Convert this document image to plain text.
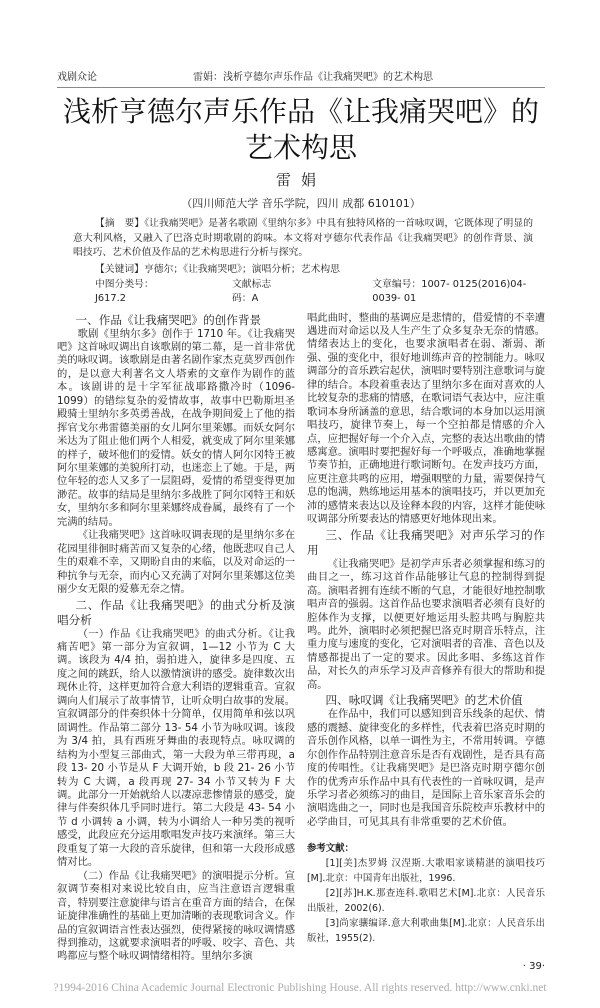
戏剧众论	雷娟：浅析亨德尔声乐作品《让我痛哭吧》的艺术构思
浅析亨德尔声乐作品《让我痛哭吧》的艺术构思
雷娟
（四川师范大学 音乐学院，四川 成都 610101）
【摘　要】《让我痛哭吧》是著名歌剧《里纳尔多》中具有独特风格的一首咏叹调，它既体现了明显的意大利风格，又融入了巴洛克时期歌剧的韵味。本文将对亨德尔代表作品《让我痛哭吧》的创作背景、演唱技巧、艺术价值及作品的艺术构思进行分析与探究。
【关键词】亨德尔；《让我痛哭吧》；演唱分析；艺术构思
中图分类号：J617.2
文献标志码：A
文章编号：1007- 0125(2016)04- 0039- 01
一、作品《让我痛哭吧》的创作背景

歌剧《里纳尔多》创作于 1710 年。《让我痛哭吧》这首咏叹调出自该歌剧的第二幕，是一首非常优美的咏叹调。该歌剧是由著名剧作家杰克莫罗西创作的，是以意大利著名文人塔索的文章作为剧作的蓝本。该剧讲的是十字军征战耶路撒冷时（1096- 1099）的错综复杂的爱情故事，故事中巴勒斯坦圣殿骑士里纳尔多英勇善战，在战争期间爱上了他的指挥官戈尔弗雷德美丽的女儿阿尔里莱娜。而妖女阿尔米达为了阻止他们两个人相爱，就变成了阿尔里莱娜的样子，破坏他们的爱情。妖女的情人阿尔冈特王被阿尔里莱娜的美貌所打动，也迷恋上了她。于是，两位年轻的恋人又多了一层阻碍，爱情的希望变得更加渺茫。故事的结局是里纳尔多战胜了阿尔冈特王和妖女，里纳尔多和阿尔里莱娜终成眷属，最终有了一个完满的结局。

《让我痛哭吧》这首咏叹调表现的是里纳尔多在花园里徘徊时痛苦而又复杂的心绪，他既悲叹自己人生的艰难不幸，又期盼自由的来临，以及对命运的一种抗争与无奈，而内心又充满了对阿尔里莱娜这位美丽少女无限的爱慕无奈之情。

二、作品《让我痛哭吧》的曲式分析及演唱分析

（一）作品《让我痛哭吧》的曲式分析。《让我痛苦吧》第一部分为宣叙调，1—12 小节为 C 大调。该段为 4/4 拍，弱拍进入，旋律多是四度、五度之间的跳跃，给人以激情演讲的感受。旋律数次出现休止符，这样更加符合意大利语的逻辑重音。宣叙调向人们展示了故事情节，让听众明白故事的发展。宣叙调部分的伴奏织体十分简单，仅用简单和弦以巩固调性。作品第二部分 13- 54 小节为咏叹调。该段为 3/4 拍，具有西班牙舞曲的表现特点。咏叹调的结构为小型复三部曲式，第一大段为单三带再现，a 段 13- 20 小节是从 F 大调开始，b 段 21- 26 小节转为 C 大调，a 段再现 27- 34 小节又转为 F 大调。此部分一开始就给人以凄凉悲惨情景的感受，旋律与伴奏织体几乎同时进行。第二大段是 43- 54 小节 d 小调转 a 小调，转为小调给人一种另类的视听感受，此段应充分运用歌唱发声技巧来演绎。第三大段重复了第一大段的音乐旋律，但和第一大段形成感情对比。

（二）作品《让我痛哭吧》的演唱提示分析。宣叙调节奏相对来说比较自由，应当注意语言逻辑重音，特别要注意旋律与语言在重音方面的结合，在保证旋律准确性的基础上更加清晰的表现歌词含义。作品的宣叙调语言性表达强烈，使得紧接的咏叹调情感得到推动，这就要求演唱者的呼吸、咬字、音色、共鸣都应与整个咏叹调情绪相符。里纳尔多演

唱此曲时，整曲的基调应是悲情的，借爱情的不幸遭遇进而对命运以及人生产生了众多复杂无奈的情感。情绪表达上的变化，也要求演唱者在弱、渐弱、渐强、强的变化中，很好地训练声音的控制能力。咏叹调部分的音乐跌宕起伏，演唱时要特别注意歌词与旋律的结合。本段着重表达了里纳尔多在面对喜欢的人比较复杂的悲痛的情感，在歌词语气表达中，应注重歌词本身所涵盖的意思，结合歌词的本身加以运用演唱技巧，旋律节奏上，每一个空拍都是情感的介入点，应把握好每一个介入点，完整的表达出歌曲的情感寓意。演唱时要把握好每一个呼吸点，准确地掌握节奏节拍，正确地进行歌词断句。在发声技巧方面，应更注意共鸣的应用，增强咽壁的力量，需要保持气息的饱满，熟练地运用基本的演唱技巧，并以更加充沛的感情来表达以及诠释本段的内容，这样才能使咏叹调部分所要表达的情感更好地体现出来。

三、作品《让我痛哭吧》对声乐学习的作用

《让我痛哭吧》是初学声乐者必须掌握和练习的曲目之一，练习这首作品能够让气息的控制得到提高。演唱者拥有连续不断的气息，才能很好地控制歌唱声音的强弱。这首作品也要求演唱者必须有良好的腔体作为支撑，以便更好地运用头腔共鸣与胸腔共鸣。此外，演唱时必须把握巴洛克时期音乐特点，注重力度与速度的变化，它对演唱者的音准、音色以及情感都提出了一定的要求。因此多唱、多练这首作品，对长久的声乐学习及声音修养有很大的帮助和提高。

四、咏叹调《让我痛哭吧》的艺术价值

在作品中，我们可以感知到音乐线条的起伏、情感的震撼、旋律变化的多样性，代表着巴洛克时期的音乐创作风格，以单一调性为主，不常用转调。亨德尔创作作品特别注意音乐是否有戏剧性，是否具有高度的传唱性。《让我痛哭吧》是巴洛克时期亨德尔创作的优秀声乐作品中具有代表性的一首咏叹调，是声乐学习者必须练习的曲目，是国际上音乐家音乐会的演唱选曲之一，同时也是我国音乐院校声乐教材中的必学曲目，可见其具有非常重要的艺术价值。

参考文献：

[1][美]杰罗姆 汉涅斯.大歌唱家谈精湛的演唱技巧[M].北京：中国青年出版社，1996.

[2][苏]H.K.那查连科.歌唱艺术[M].北京：人民音乐出版社，2002(6).

[3]尚家骧编译.意大利歌曲集[M].北京：人民音乐出版社，1955(2).

· 39·
?1994-2016 China Academic Journal Electronic Publishing House. All rights reserved. http://www.cnki.net
